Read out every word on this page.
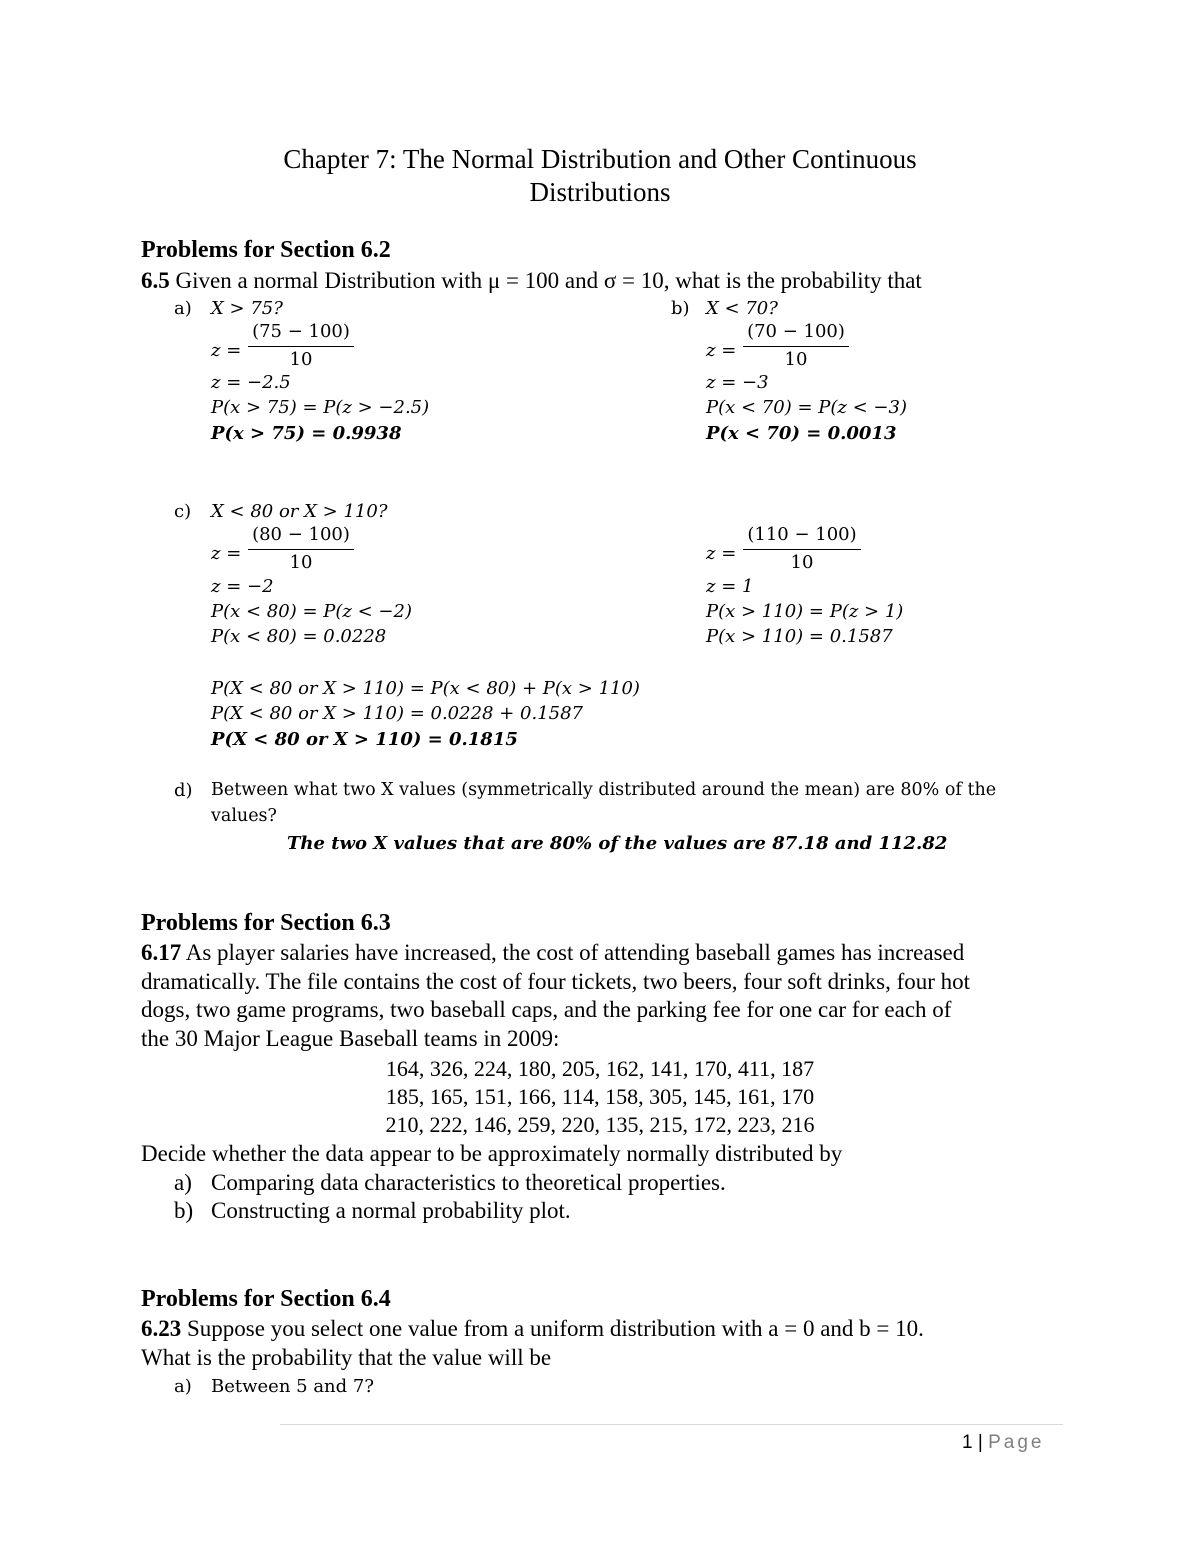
Chapter 7: The Normal Distribution and Other Continuous
Distributions
Problems for Section 6.2
6.5 Given a normal Distribution with μ = 100 and σ = 10, what is the probability that
a) X > 75?
$z = \frac{(75 - 100)}{10}$
z = −2.5
P(x > 75) = P(z > −2.5)
P(x > 75) = 0.9938
b) X < 70?
$z = \frac{(70 - 100)}{10}$
z = −3
P(x < 70) = P(z < −3)
P(x < 70) = 0.0013
c) X < 80 or X > 110?
$z = \frac{(80 - 100)}{10}$
z = −2
P(x < 80) = P(z < −2)
P(x < 80) = 0.0228
$z = \frac{(110 - 100)}{10}$
z = 1
P(x > 110) = P(z > 1)
P(x > 110) = 0.1587
P(X < 80 or X > 110) = P(x < 80) + P(x > 110)
P(X < 80 or X > 110) = 0.0228 + 0.1587
P(X < 80 or X > 110) = 0.1815
d) Between what two X values (symmetrically distributed around the mean) are 80% of the
values?
The two X values that are 80% of the values are 87.18 and 112.82
Problems for Section 6.3
6.17 As player salaries have increased, the cost of attending baseball games has increased
dramatically. The file contains the cost of four tickets, two beers, four soft drinks, four hot
dogs, two game programs, two baseball caps, and the parking fee for one car for each of
the 30 Major League Baseball teams in 2009:
164, 326, 224, 180, 205, 162, 141, 170, 411, 187
185, 165, 151, 166, 114, 158, 305, 145, 161, 170
210, 222, 146, 259, 220, 135, 215, 172, 223, 216
Decide whether the data appear to be approximately normally distributed by
a) Comparing data characteristics to theoretical properties.
b) Constructing a normal probability plot.
Problems for Section 6.4
6.23 Suppose you select one value from a uniform distribution with a = 0 and b = 10.
What is the probability that the value will be
a) Between 5 and 7?
1 | Page
